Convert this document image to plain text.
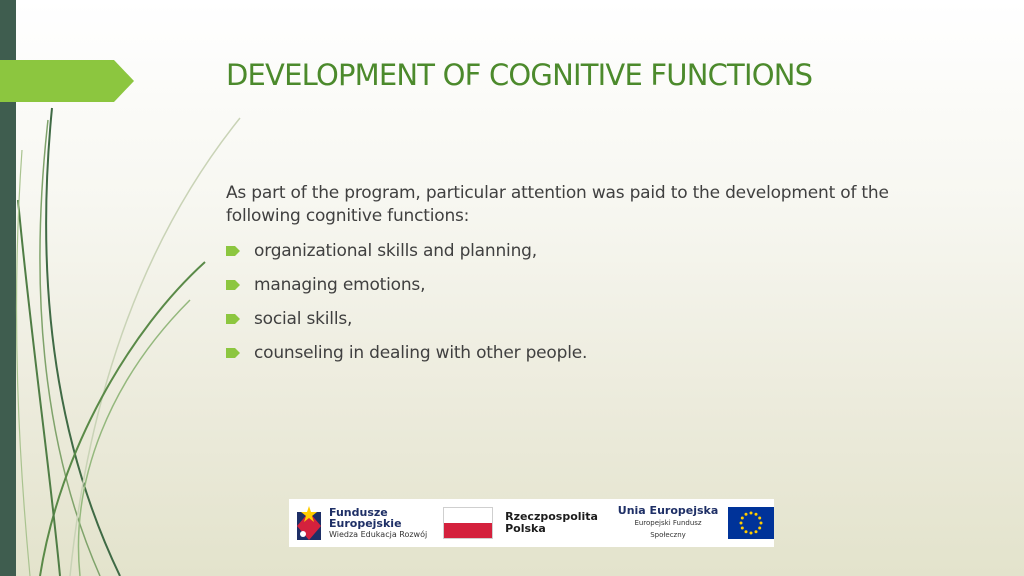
DEVELOPMENT OF COGNITIVE FUNCTIONS

As part of the program, particular attention was paid to the development of the following cognitive functions:

organizational skills and planning,
managing emotions,
social skills,
counseling in dealing with other people.
Fundusze
Europejskie
Wiedza Edukacja Rozwój
Rzeczpospolita
Polska
Unia Europejska
Europejski Fundusz Społeczny
